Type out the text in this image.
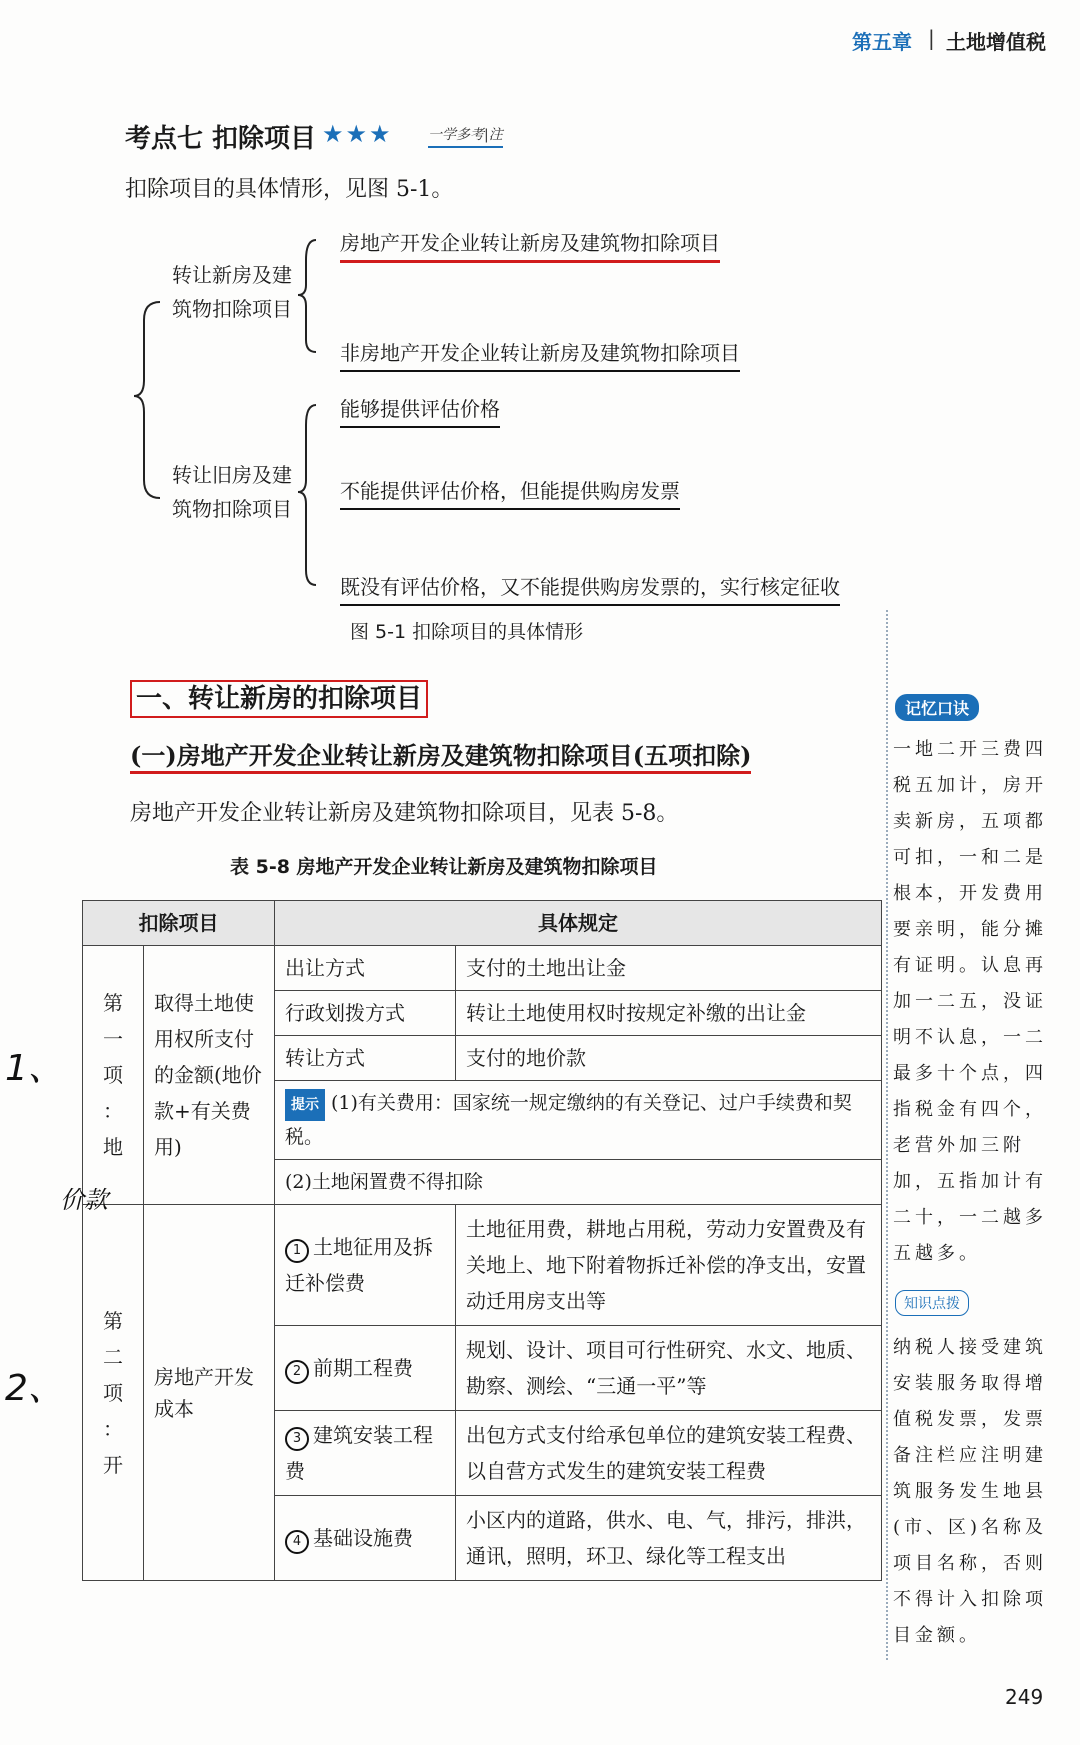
第五章 | 土地增值税
考点七 扣除项目 ★★★	一学多考|注
扣除项目的具体情形，见图 5-1。
转让新房及建
筑物扣除项目
房地产开发企业转让新房及建筑物扣除项目
非房地产开发企业转让新房及建筑物扣除项目
转让旧房及建
筑物扣除项目
能够提供评估价格
不能提供评估价格，但能提供购房发票
既没有评估价格，又不能提供购房发票的，实行核定征收
图 5-1 扣除项目的具体情形
一、转让新房的扣除项目
(一)房地产开发企业转让新房及建筑物扣除项目(五项扣除)
房地产开发企业转让新房及建筑物扣除项目，见表 5-8。
表 5-8 房地产开发企业转让新房及建筑物扣除项目
扣除项目		具体规定	

第
一
项
：
地	取得土地使用权所支付的金额(地价款+有关费用)	出让方式	支付的土地出让金
		行政划拨方式	转让土地使用权时按规定补缴的出让金
		转让方式	支付的地价款
		提示 (1)有关费用：国家统一规定缴纳的有关登记、过户手续费和契税。	
		(2)土地闲置费不得扣除	

第
二
项
：
开	房地产开发成本	1 土地征用及拆迁补偿费	土地征用费，耕地占用税，劳动力安置费及有关地上、地下附着物拆迁补偿的净支出，安置动迁用房支出等
		2 前期工程费	规划、设计、项目可行性研究、水文、地质、勘察、测绘、“三通一平”等
		3 建筑安装工程费	出包方式支付给承包单位的建筑安装工程费、以自营方式发生的建筑安装工程费
		4 基础设施费	小区内的道路，供水、电、气，排污，排洪，通讯，照明，环卫、绿化等工程支出
记忆口诀
一地二开三费四
税五加计，房开
卖新房，五项都
可扣，一和二是
根本，开发费用
要亲明，能分摊
有证明。认息再
加一二五，没证
明不认息，一二
最多十个点，四
指税金有四个，
老营外加三附
加，五指加计有
二十，一二越多
五越多。
知识点拨
纳税人接受建筑
安装服务取得增
值税发票，发票
备注栏应注明建
筑服务发生地县
(市、区)名称及
项目名称，否则
不得计入扣除项
目金额。
1、
价款
2、
249
